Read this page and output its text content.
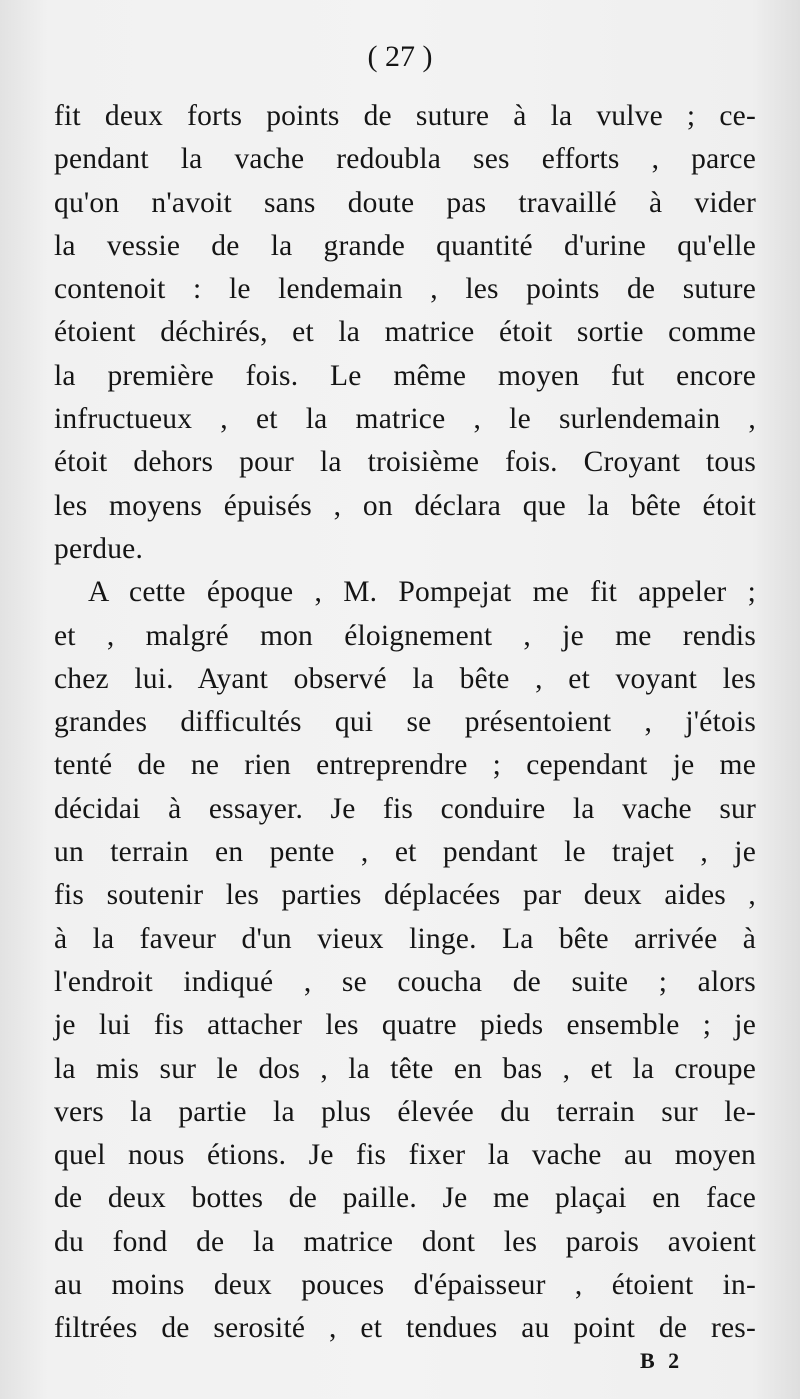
( 27 )
fit deux forts points de suture à la vulve ; ce-
pendant la vache redoubla ses efforts , parce
qu'on n'avoit sans doute pas travaillé à vider
la vessie de la grande quantité d'urine qu'elle
contenoit : le lendemain , les points de suture
étoient déchirés, et la matrice étoit sortie comme
la première fois. Le même moyen fut encore
infructueux , et la matrice , le surlendemain ,
étoit dehors pour la troisième fois. Croyant tous
les moyens épuisés , on déclara que la bête étoit
perdue.
A cette époque , M. Pompejat me fit appeler ;
et , malgré mon éloignement , je me rendis
chez lui. Ayant observé la bête , et voyant les
grandes difficultés qui se présentoient , j'étois
tenté de ne rien entreprendre ; cependant je me
décidai à essayer. Je fis conduire la vache sur
un terrain en pente , et pendant le trajet , je
fis soutenir les parties déplacées par deux aides ,
à la faveur d'un vieux linge. La bête arrivée à
l'endroit indiqué , se coucha de suite ; alors
je lui fis attacher les quatre pieds ensemble ; je
la mis sur le dos , la tête en bas , et la croupe
vers la partie la plus élevée du terrain sur le-
quel nous étions. Je fis fixer la vache au moyen
de deux bottes de paille. Je me plaçai en face
du fond de la matrice dont les parois avoient
au moins deux pouces d'épaisseur , étoient in-
filtrées de serosité , et tendues au point de res-
B 2
